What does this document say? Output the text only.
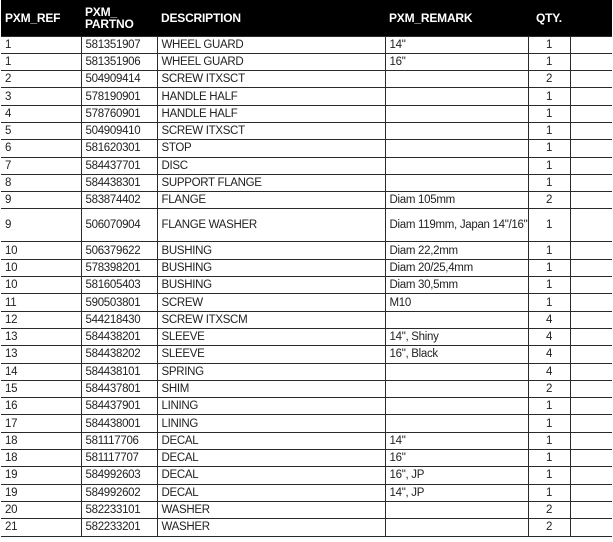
PXM_REF	PXM_ PARTNO	DESCRIPTION	PXM_REMARK	QTY.	
1	581351907	WHEEL GUARD	14"	1	
1	581351906	WHEEL GUARD	16"	1	
2	504909414	SCREW ITXSCT		2	
3	578190901	HANDLE HALF		1	
4	578760901	HANDLE HALF		1	
5	504909410	SCREW ITXSCT		1	
6	581620301	STOP		1	
7	584437701	DISC		1	
8	584438301	SUPPORT FLANGE		1	
9	583874402	FLANGE	Diam 105mm	2	
9	506070904	FLANGE WASHER	Diam 119mm, Japan 14"/16"	1	
10	506379622	BUSHING	Diam 22,2mm	1	
10	578398201	BUSHING	Diam 20/25,4mm	1	
10	581605403	BUSHING	Diam 30,5mm	1	
11	590503801	SCREW	M10	1	
12	544218430	SCREW ITXSCM		4	
13	584438201	SLEEVE	14", Shiny	4	
13	584438202	SLEEVE	16", Black	4	
14	584438101	SPRING		4	
15	584437801	SHIM		2	
16	584437901	LINING		1	
17	584438001	LINING		1	
18	581117706	DECAL	14"	1	
18	581117707	DECAL	16"	1	
19	584992603	DECAL	16", JP	1	
19	584992602	DECAL	14", JP	1	
20	582233101	WASHER		2	
21	582233201	WASHER		2	
